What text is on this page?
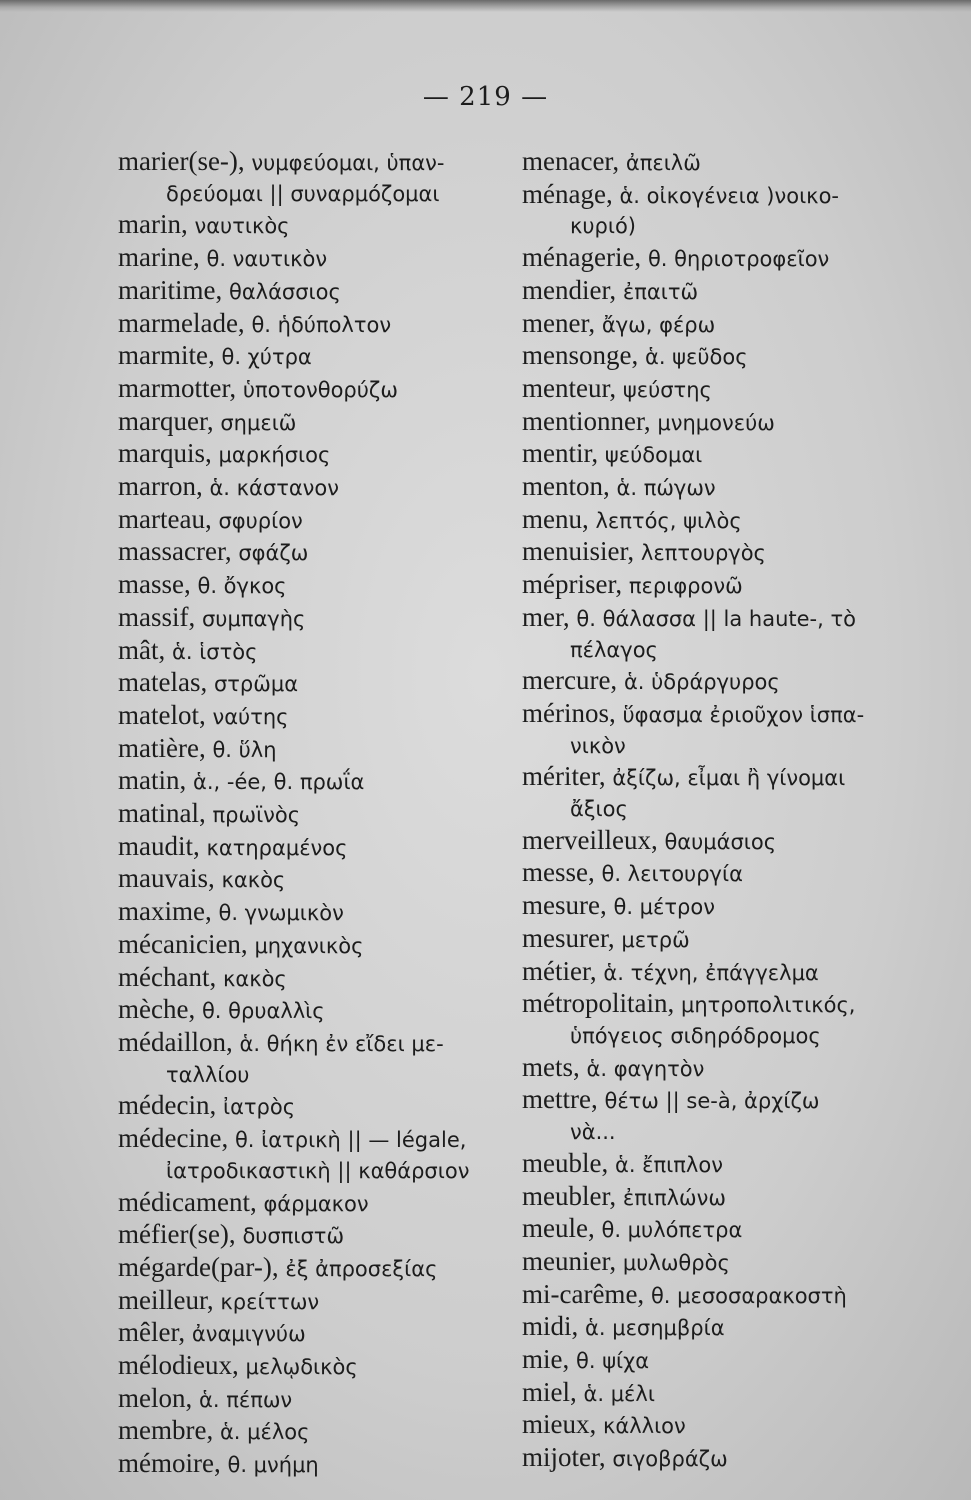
— 219 —
marier(se-), νυμφεύομαι, ὑπαν-
δρεύομαι || συναρμόζομαι
marin, ναυτικὸς
marine, θ. ναυτικὸν
maritime, θαλάσσιος
marmelade, θ. ἡδύπολτον
marmite, θ. χύτρα
marmotter, ὑποτονθορύζω
marquer, σημειῶ
marquis, μαρκήσιος
marron, ἁ. κάστανον
marteau, σφυρίον
massacrer, σφάζω
masse, θ. ὄγκος
massif, συμπαγὴς
mât, ἁ. ἱστὸς
matelas, στρῶμα
matelot, ναύτης
matière, θ. ὕλη
matin, ἁ., -ée, θ. πρωΐα
matinal, πρωϊνὸς
maudit, κατηραμένος
mauvais, κακὸς
maxime, θ. γνωμικὸν
mécanicien, μηχανικὸς
méchant, κακὸς
mèche, θ. θρυαλλὶς
médaillon, ἁ. θήκη ἐν εἴδει με-
ταλλίου
médecin, ἰατρὸς
médecine, θ. ἰατρικὴ || — légale,
ἰατροδικαστικὴ || καθάρσιον
médicament, φάρμακον
méfier(se), δυσπιστῶ
mégarde(par-), ἐξ ἀπροσεξίας
meilleur, κρείττων
mêler, ἀναμιγνύω
mélodieux, μελῳδικὸς
melon, ἁ. πέπων
membre, ἁ. μέλος
mémoire, θ. μνήμη
menacer, ἀπειλῶ
ménage, ἁ. οἰκογένεια )νοικο-
κυριό)
ménagerie, θ. θηριοτροφεῖον
mendier, ἐπαιτῶ
mener, ἄγω, φέρω
mensonge, ἁ. ψεῦδος
menteur, ψεύστης
mentionner, μνημονεύω
mentir, ψεύδομαι
menton, ἁ. πώγων
menu, λεπτός, ψιλὸς
menuisier, λεπτουργὸς
mépriser, περιφρονῶ
mer, θ. θάλασσα || la haute-, τὸ
πέλαγος
mercure, ἁ. ὑδράργυρος
mérinos, ὕφασμα ἐριοῦχον ἱσπα-
νικὸν
mériter, ἀξίζω, εἶμαι ἢ γίνομαι
ἄξιος
merveilleux, θαυμάσιος
messe, θ. λειτουργία
mesure, θ. μέτρον
mesurer, μετρῶ
métier, ἁ. τέχνη, ἐπάγγελμα
métropolitain, μητροπολιτικός,
ὑπόγειος σιδηρόδρομος
mets, ἁ. φαγητὸν
mettre, θέτω || se-à, ἀρχίζω
νὰ...
meuble, ἁ. ἔπιπλον
meubler, ἐπιπλώνω
meule, θ. μυλόπετρα
meunier, μυλωθρὸς
mi-carême, θ. μεσοσαρακοστὴ
midi, ἁ. μεσημβρία
mie, θ. ψίχα
miel, ἁ. μέλι
mieux, κάλλιον
mijoter, σιγοβράζω
